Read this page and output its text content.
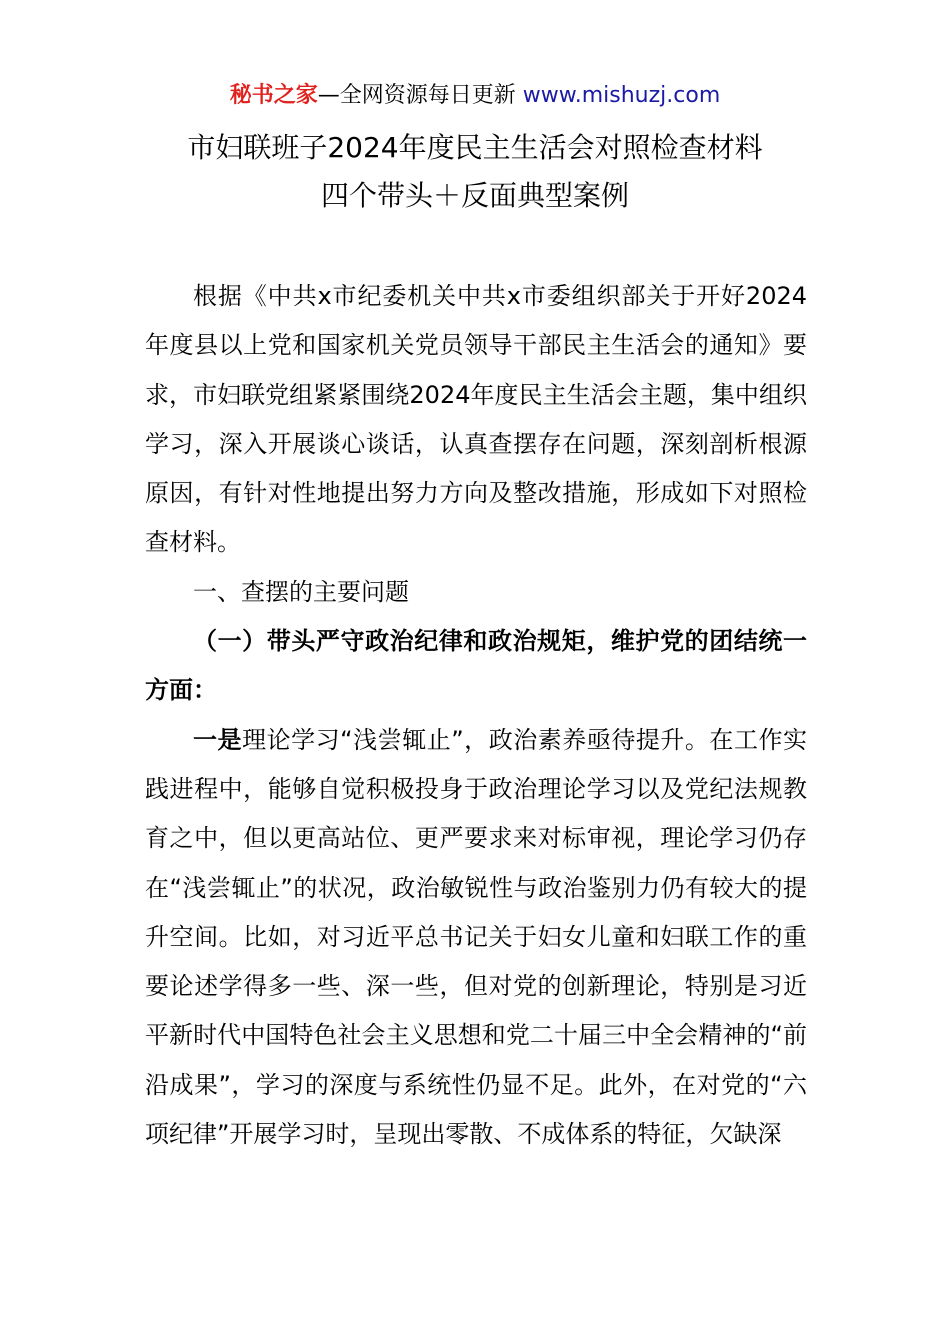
秘书之家—全网资源每日更新 www.mishuzj.com
市妇联班子2024年度民主生活会对照检查材料
四个带头＋反面典型案例

根据《中共x市纪委机关中共x市委组织部关于开好2024年度县以上党和国家机关党员领导干部民主生活会的通知》要求，市妇联党组紧紧围绕2024年度民主生活会主题，集中组织学习，深入开展谈心谈话，认真查摆存在问题，深刻剖析根源原因，有针对性地提出努力方向及整改措施，形成如下对照检查材料。

一、查摆的主要问题

（一）带头严守政治纪律和政治规矩，维护党的团结统一方面：

一是理论学习“浅尝辄止”，政治素养亟待提升。在工作实践进程中，能够自觉积极投身于政治理论学习以及党纪法规教育之中，但以更高站位、更严要求来对标审视，理论学习仍存在“浅尝辄止”的状况，政治敏锐性与政治鉴别力仍有较大的提升空间。比如，对习近平总书记关于妇女儿童和妇联工作的重要论述学得多一些、深一些，但对党的创新理论，特别是习近平新时代中国特色社会主义思想和党二十届三中全会精神的“前沿成果”，学习的深度与系统性仍显不足。此外，在对党的“六项纪律”开展学习时，呈现出零散、不成体系的特征，欠缺深
